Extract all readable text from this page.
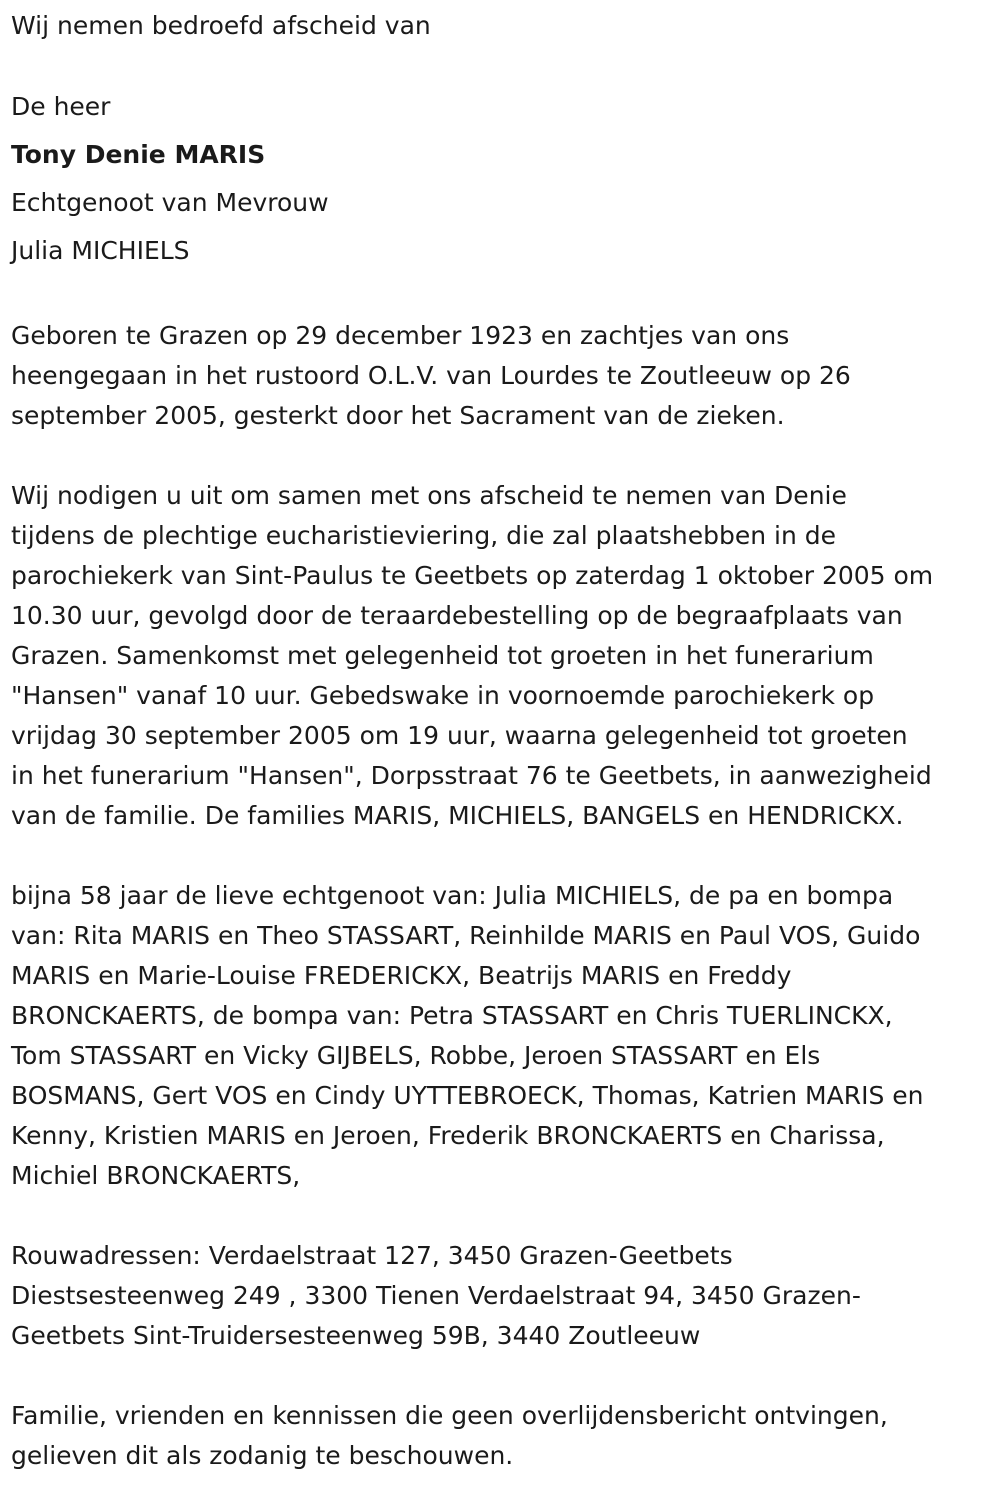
Wij nemen bedroefd afscheid van

De heer

Tony Denie MARIS

Echtgenoot van Mevrouw

Julia MICHIELS

Geboren te Grazen op 29 december 1923 en zachtjes van ons
heengegaan in het rustoord O.L.V. van Lourdes te Zoutleeuw op 26
september 2005, gesterkt door het Sacrament van de zieken.
Wij nodigen u uit om samen met ons afscheid te nemen van Denie
tijdens de plechtige eucharistieviering, die zal plaatshebben in de
parochiekerk van Sint-Paulus te Geetbets op zaterdag 1 oktober 2005 om
10.30 uur, gevolgd door de teraardebestelling op de begraafplaats van
Grazen. Samenkomst met gelegenheid tot groeten in het funerarium
"Hansen" vanaf 10 uur. Gebedswake in voornoemde parochiekerk op
vrijdag 30 september 2005 om 19 uur, waarna gelegenheid tot groeten
in het funerarium "Hansen", Dorpsstraat 76 te Geetbets, in aanwezigheid
van de familie. De families MARIS, MICHIELS, BANGELS en HENDRICKX.
bijna 58 jaar de lieve echtgenoot van: Julia MICHIELS, de pa en bompa
van: Rita MARIS en Theo STASSART, Reinhilde MARIS en Paul VOS, Guido
MARIS en Marie-Louise FREDERICKX, Beatrijs MARIS en Freddy
BRONCKAERTS, de bompa van: Petra STASSART en Chris TUERLINCKX,
Tom STASSART en Vicky GIJBELS, Robbe, Jeroen STASSART en Els
BOSMANS, Gert VOS en Cindy UYTTEBROECK, Thomas, Katrien MARIS en
Kenny, Kristien MARIS en Jeroen, Frederik BRONCKAERTS en Charissa,
Michiel BRONCKAERTS,
Rouwadressen: Verdaelstraat 127, 3450 Grazen-Geetbets
Diestsesteenweg 249 , 3300 Tienen Verdaelstraat 94, 3450 Grazen-
Geetbets Sint-Truidersesteenweg 59B, 3440 Zoutleeuw
Familie, vrienden en kennissen die geen overlijdensbericht ontvingen,
gelieven dit als zodanig te beschouwen.
